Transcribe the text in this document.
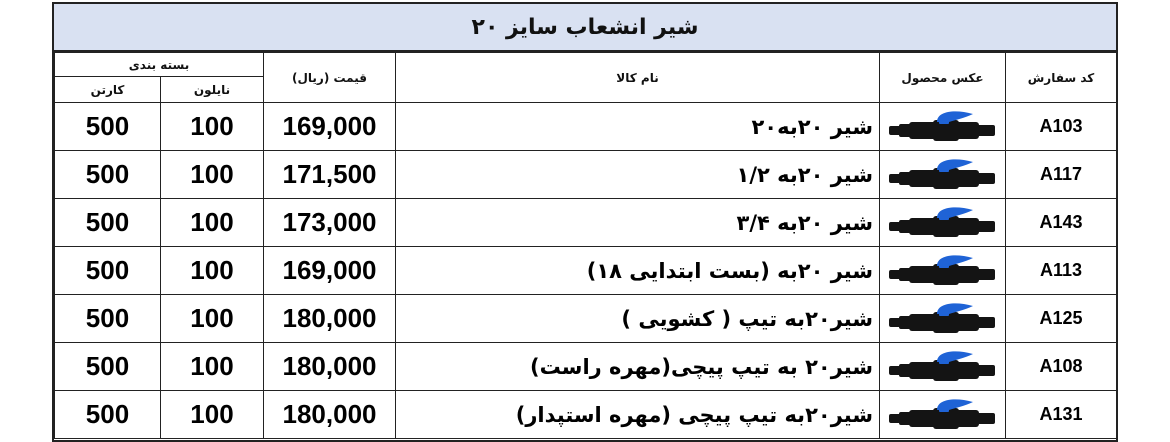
شیر انشعاب سایز ۲۰
بسته بندی		قیمت (ریال)	نام کالا	عکس محصول	کد سفارش
کارتن	نایلون				
500	100	169,000	شیر ۲۰به۲۰		A103
500	100	171,500	شیر ۲۰به ۱/۲		A117
500	100	173,000	شیر ۲۰به ۳/۴		A143
500	100	169,000	شیر ۲۰به (بست ابتدایی ۱۸)		A113
500	100	180,000	شیر۲۰به تیپ ( کشویی )		A125
500	100	180,000	شیر۲۰ به تیپ پیچی(مهره راست)		A108
500	100	180,000	شیر۲۰به تیپ پیچی (مهره استپدار)		A131
